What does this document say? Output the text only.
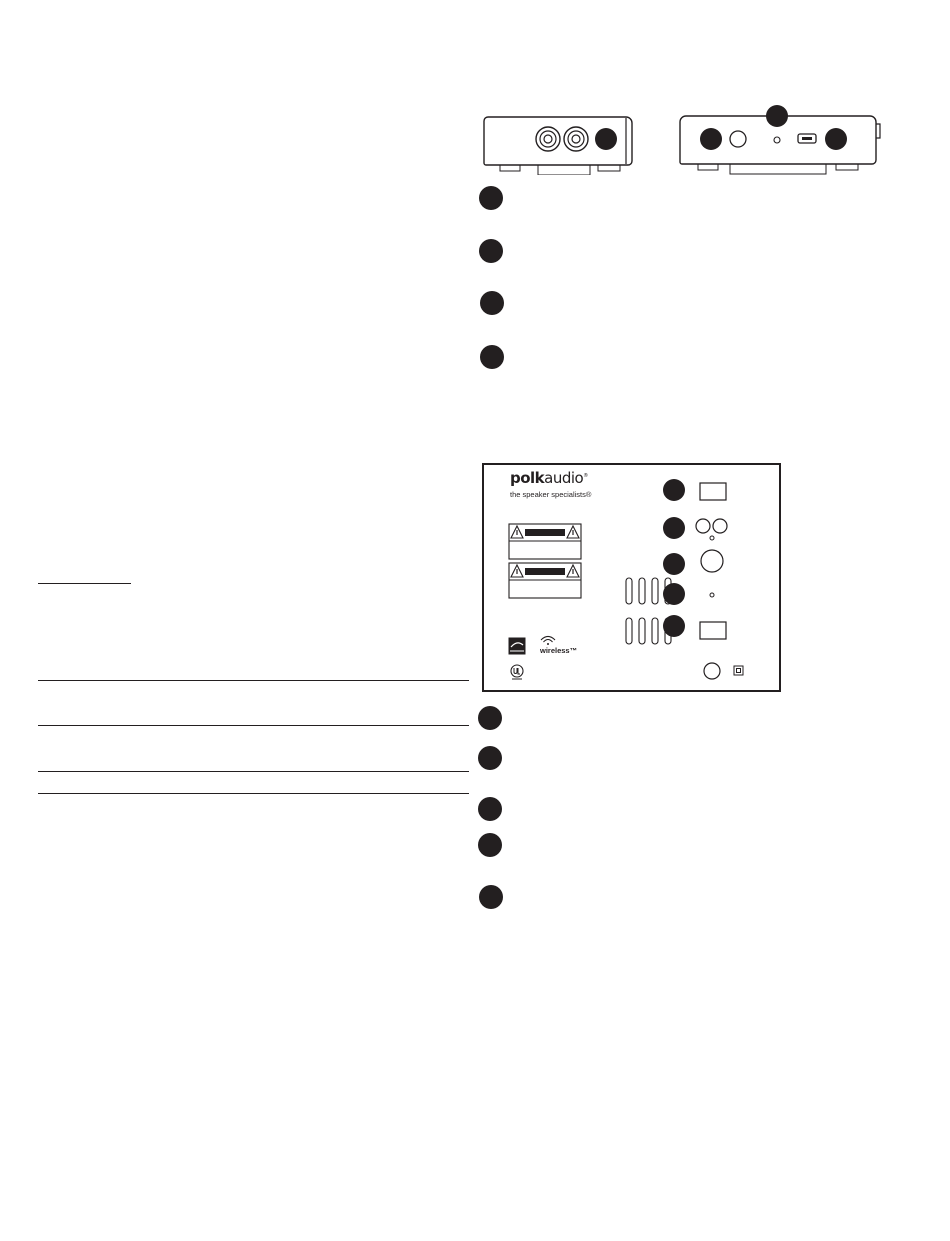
polkaudio®
the speaker specialists®
wireless™
